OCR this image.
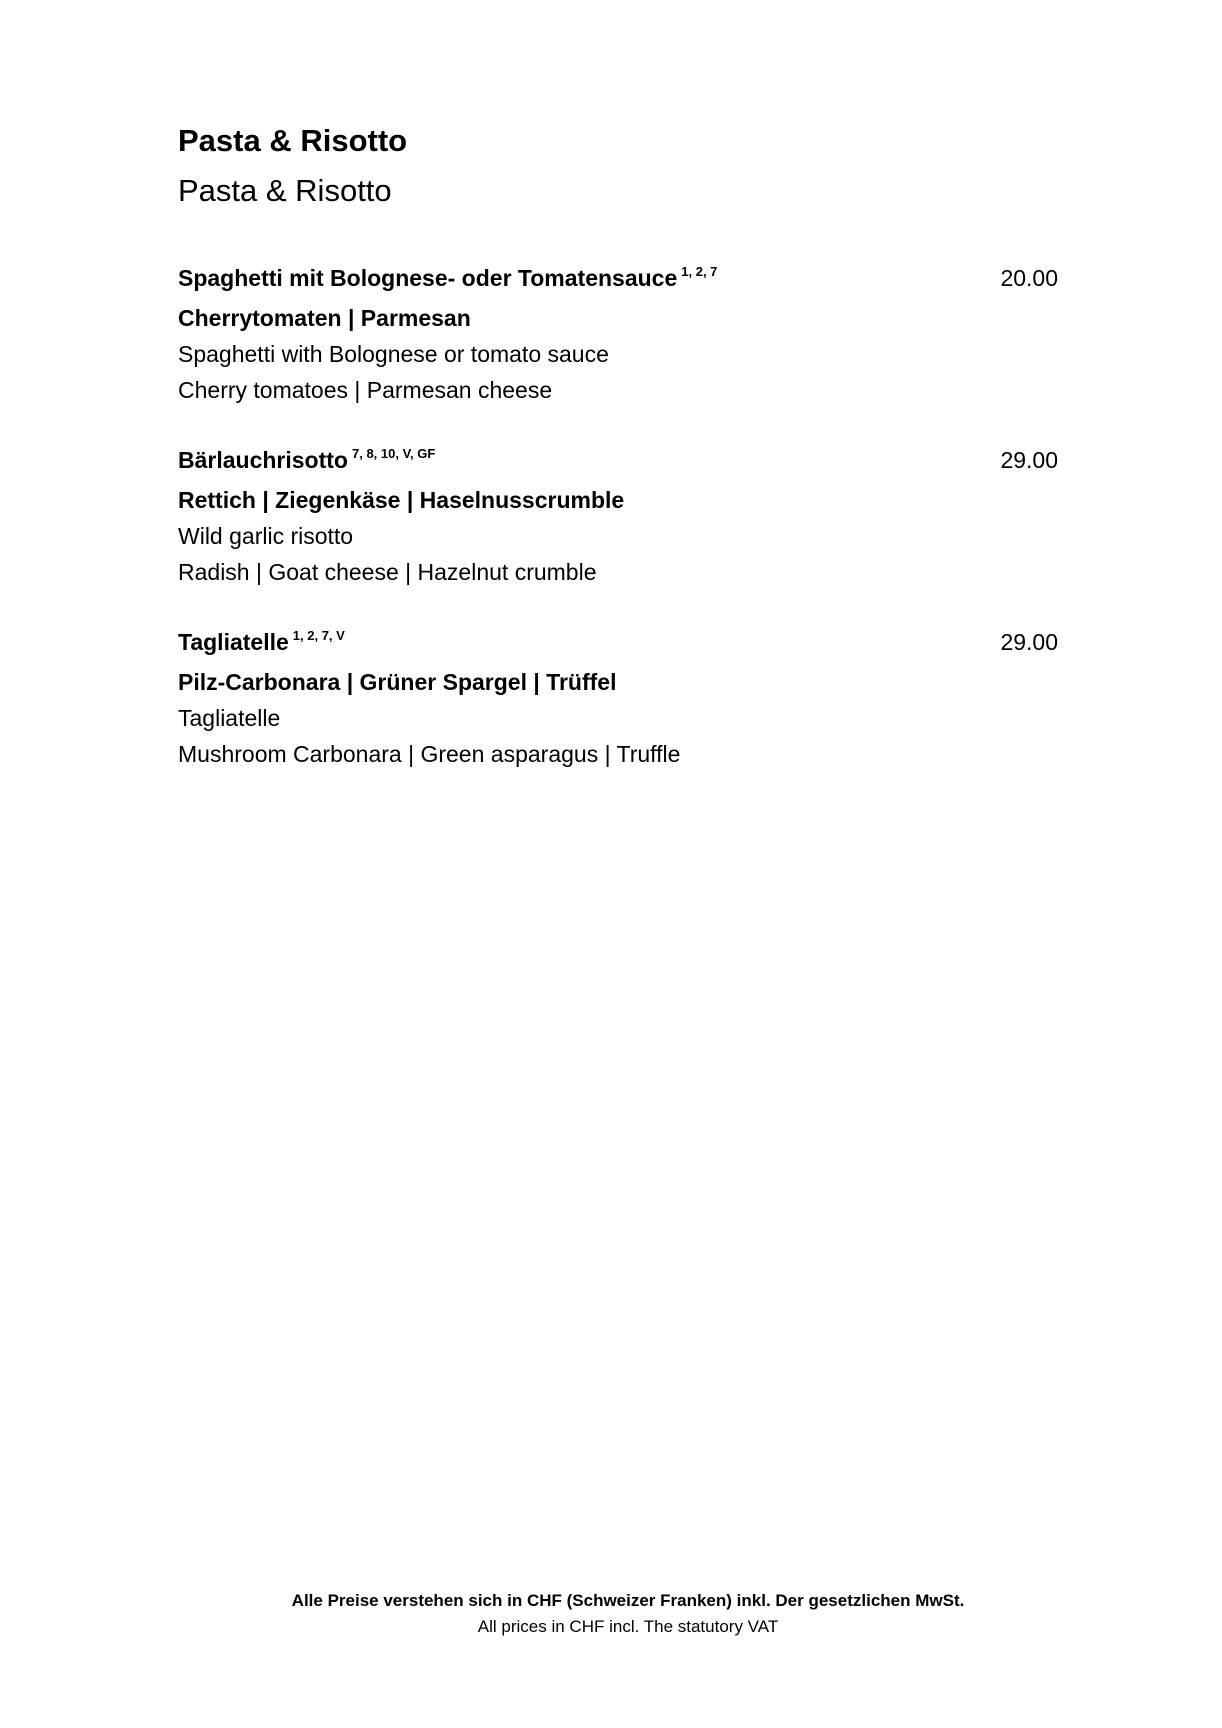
Pasta & Risotto
Pasta & Risotto
Spaghetti mit Bolognese- oder Tomatensauce $^{1, 2, 7}$
Cherrytomaten | Parmesan
Spaghetti with Bolognese or tomato sauce
Cherry tomatoes | Parmesan cheese
20.00
Bärlauchrisotto $^{7, 8, 10, V, GF}$
Rettich | Ziegenkäse | Haselnusscrumble
Wild garlic risotto
Radish | Goat cheese | Hazelnut crumble
29.00
Tagliatelle $^{1, 2, 7, V}$
Pilz-Carbonara | Grüner Spargel | Trüffel
Tagliatelle
Mushroom Carbonara | Green asparagus | Truffle
29.00
Alle Preise verstehen sich in CHF (Schweizer Franken) inkl. Der gesetzlichen MwSt.
All prices in CHF incl. The statutory VAT
